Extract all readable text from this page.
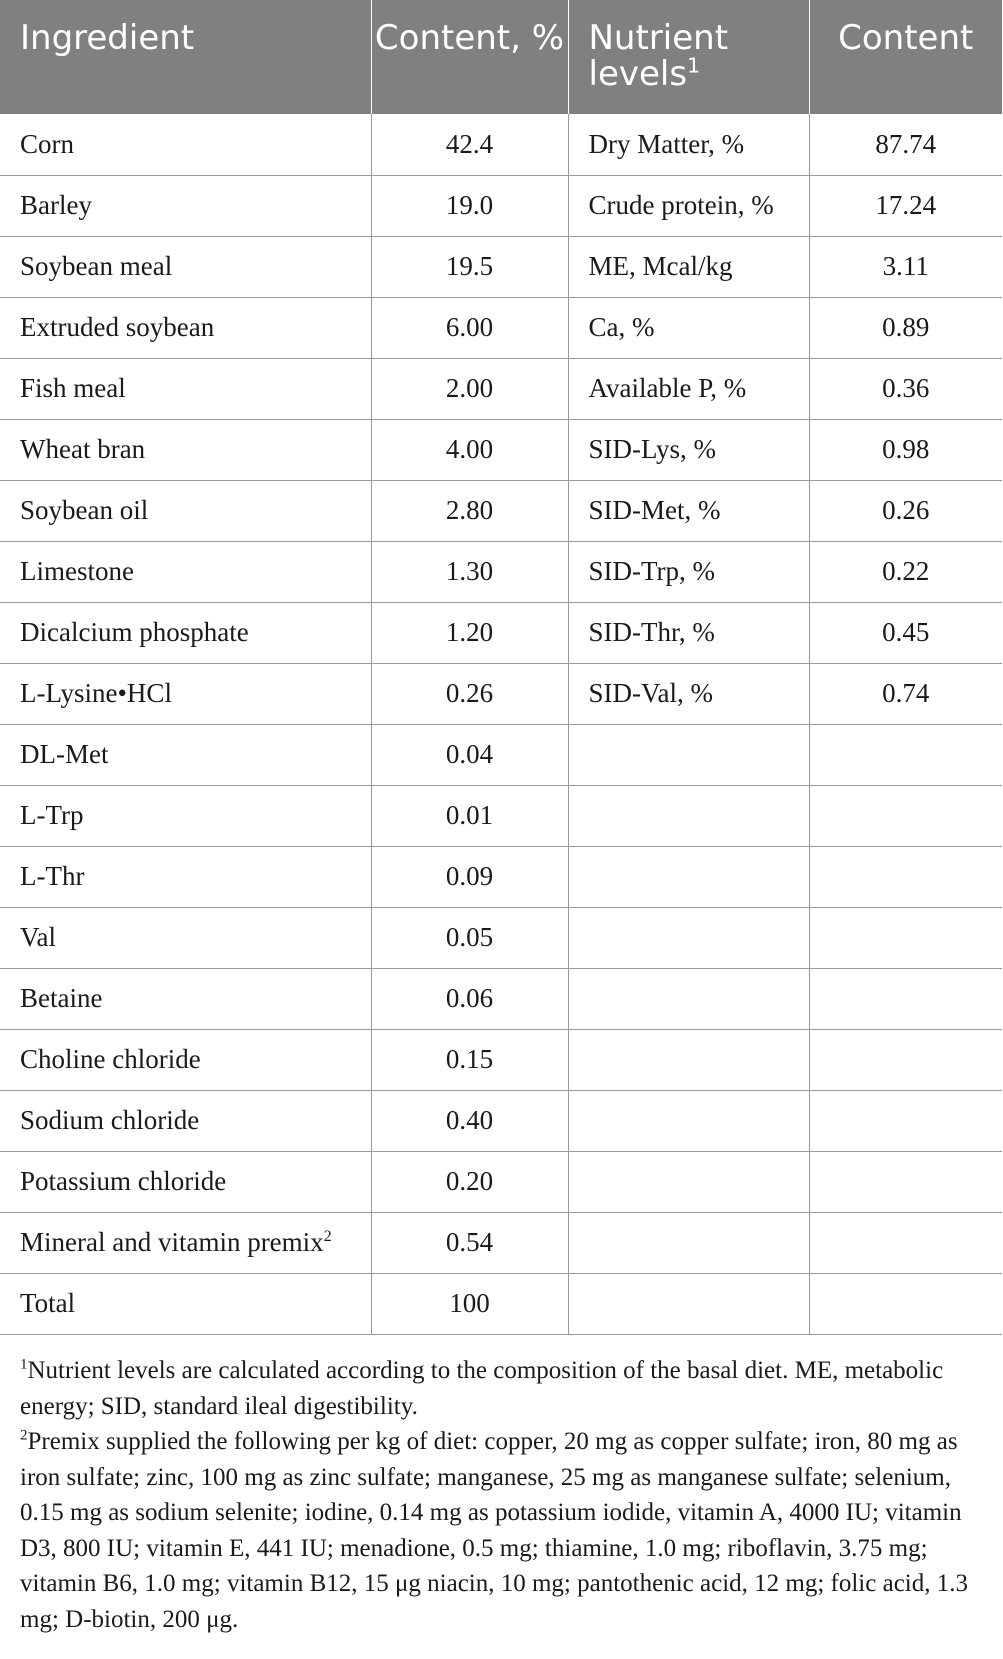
Ingredient	Content, %	Nutrient levels$^1$	Content
Corn	42.4	Dry Matter, %	87.74
Barley	19.0	Crude protein, %	17.24
Soybean meal	19.5	ME, Mcal/kg	3.11
Extruded soybean	6.00	Ca, %	0.89
Fish meal	2.00	Available P, %	0.36
Wheat bran	4.00	SID-Lys, %	0.98
Soybean oil	2.80	SID-Met, %	0.26
Limestone	1.30	SID-Trp, %	0.22
Dicalcium phosphate	1.20	SID-Thr, %	0.45
L-Lysine•HCl	0.26	SID-Val, %	0.74
DL-Met	0.04		
L-Trp	0.01		
L-Thr	0.09		
Val	0.05		
Betaine	0.06		
Choline chloride	0.15		
Sodium chloride	0.40		
Potassium chloride	0.20		
Mineral and vitamin premix$^2$	0.54		
Total	100		

$^1$Nutrient levels are calculated according to the composition of the basal diet. ME, metabolic energy; SID, standard ileal digestibility.

$^2$Premix supplied the following per kg of diet: copper, 20 mg as copper sulfate; iron, 80 mg as iron sulfate; zinc, 100 mg as zinc sulfate; manganese, 25 mg as manganese sulfate; selenium, 0.15 mg as sodium selenite; iodine, 0.14 mg as potassium iodide, vitamin A, 4000 IU; vitamin D3, 800 IU; vitamin E, 441 IU; menadione, 0.5 mg; thiamine, 1.0 mg; riboflavin, 3.75 mg; vitamin B6, 1.0 mg; vitamin B12, 15 μg niacin, 10 mg; pantothenic acid, 12 mg; folic acid, 1.3 mg; D-biotin, 200 μg.
